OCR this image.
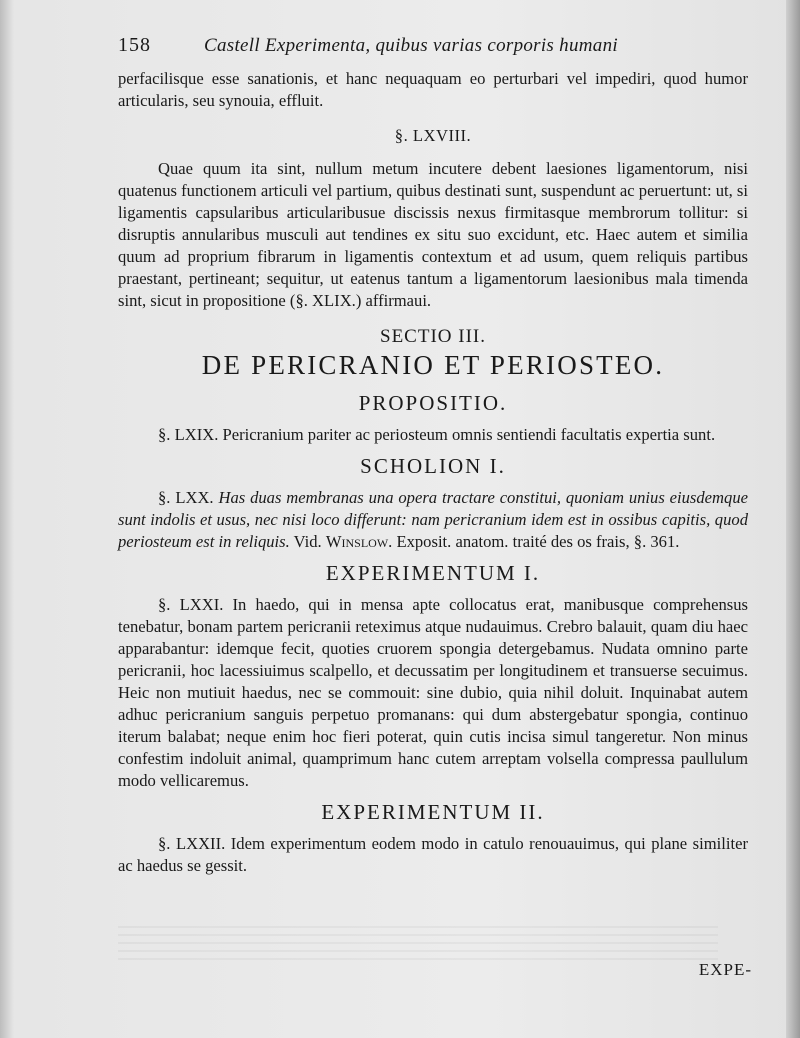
158	Castell Experimenta, quibus varias corporis humani

perfacilisque esse sanationis, et hanc nequaquam eo perturbari vel impediri, quod humor articularis, seu synouia, effluit.

§. LXVIII.

Quae quum ita sint, nullum metum incutere debent laesiones ligamentorum, nisi quatenus functionem articuli vel partium, quibus destinati sunt, suspendunt ac peruertunt: ut, si ligamentis capsularibus articularibusue discissis nexus firmitasque membrorum tollitur: si disruptis annularibus musculi aut tendines ex situ suo excidunt, etc. Haec autem et similia quum ad proprium fibrarum in ligamentis contextum et ad usum, quem reliquis partibus praestant, pertineant; sequitur, ut eatenus tantum a ligamentorum laesionibus mala timenda sint, sicut in propositione (§. XLIX.) affirmaui.

SECTIO III.
DE PERICRANIO ET PERIOSTEO.
PROPOSITIO.

§. LXIX. Pericranium pariter ac periosteum omnis sentiendi facultatis expertia sunt.

SCHOLION I.

§. LXX. Has duas membranas una opera tractare constitui, quoniam unius eiusdemque sunt indolis et usus, nec nisi loco differunt: nam pericranium idem est in ossibus capitis, quod periosteum est in reliquis. Vid. Winslow. Exposit. anatom. traité des os frais, §. 361.

EXPERIMENTUM I.

§. LXXI. In haedo, qui in mensa apte collocatus erat, manibusque comprehensus tenebatur, bonam partem pericranii reteximus atque nudauimus. Crebro balauit, quam diu haec apparabantur: idemque fecit, quoties cruorem spongia detergebamus. Nudata omnino parte pericranii, hoc lacessiuimus scalpello, et decussatim per longitudinem et transuerse secuimus. Heic non mutiuit haedus, nec se commouit: sine dubio, quia nihil doluit. Inquinabat autem adhuc pericranium sanguis perpetuo promanans: qui dum abstergebatur spongia, continuo iterum balabat; neque enim hoc fieri poterat, quin cutis incisa simul tangeretur. Non minus confestim indoluit animal, quamprimum hanc cutem arreptam volsella compressa paullulum modo vellicaremus.

EXPERIMENTUM II.

§. LXXII. Idem experimentum eodem modo in catulo renouauimus, qui plane similiter ac haedus se gessit.

EXPE-
